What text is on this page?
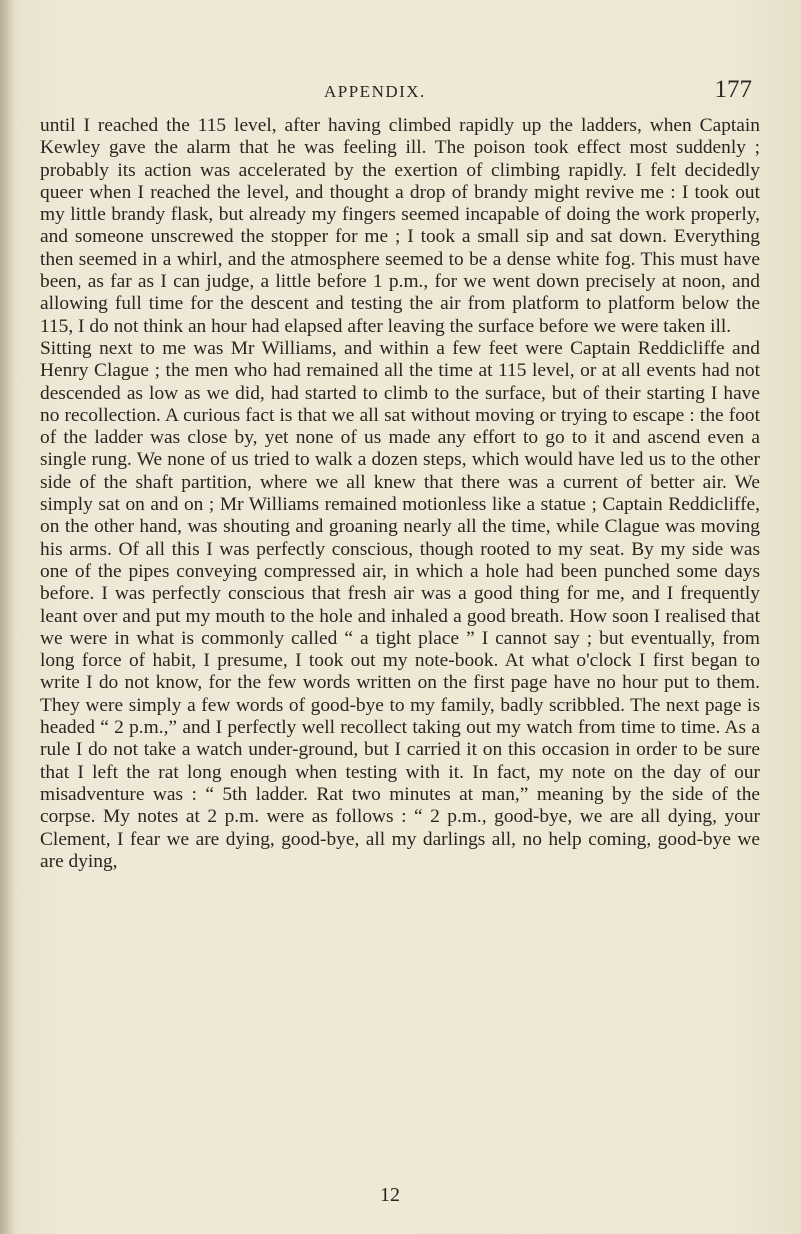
APPENDIX.	177

until I reached the 115 level, after having climbed rapidly up the ladders, when Captain Kewley gave the alarm that he was feeling ill. The poison took effect most suddenly ; probably its action was accelerated by the exertion of climbing rapidly. I felt decidedly queer when I reached the level, and thought a drop of brandy might revive me : I took out my little brandy flask, but already my fingers seemed incapable of doing the work properly, and someone unscrewed the stopper for me ; I took a small sip and sat down. Everything then seemed in a whirl, and the atmosphere seemed to be a dense white fog. This must have been, as far as I can judge, a little before 1 p.m., for we went down precisely at noon, and allowing full time for the descent and testing the air from platform to platform below the 115, I do not think an hour had elapsed after leaving the surface before we were taken ill.

Sitting next to me was Mr Williams, and within a few feet were Captain Reddicliffe and Henry Clague ; the men who had remained all the time at 115 level, or at all events had not descended as low as we did, had started to climb to the surface, but of their starting I have no recollection. A curious fact is that we all sat without moving or trying to escape : the foot of the ladder was close by, yet none of us made any effort to go to it and ascend even a single rung. We none of us tried to walk a dozen steps, which would have led us to the other side of the shaft partition, where we all knew that there was a current of better air. We simply sat on and on ; Mr Williams remained motionless like a statue ; Captain Reddicliffe, on the other hand, was shouting and groaning nearly all the time, while Clague was moving his arms. Of all this I was perfectly conscious, though rooted to my seat. By my side was one of the pipes conveying compressed air, in which a hole had been punched some days before. I was perfectly conscious that fresh air was a good thing for me, and I frequently leant over and put my mouth to the hole and inhaled a good breath. How soon I realised that we were in what is commonly called “ a tight place ” I cannot say ; but eventually, from long force of habit, I presume, I took out my note-book. At what o'clock I first began to write I do not know, for the few words written on the first page have no hour put to them. They were simply a few words of good-bye to my family, badly scribbled. The next page is headed “ 2 p.m.,” and I perfectly well recollect taking out my watch from time to time. As a rule I do not take a watch under-ground, but I carried it on this occasion in order to be sure that I left the rat long enough when testing with it. In fact, my note on the day of our misadventure was : “ 5th ladder. Rat two minutes at man,” meaning by the side of the corpse. My notes at 2 p.m. were as follows : “ 2 p.m., good-bye, we are all dying, your Clement, I fear we are dying, good-bye, all my darlings all, no help coming, good-bye we are dying,

12
